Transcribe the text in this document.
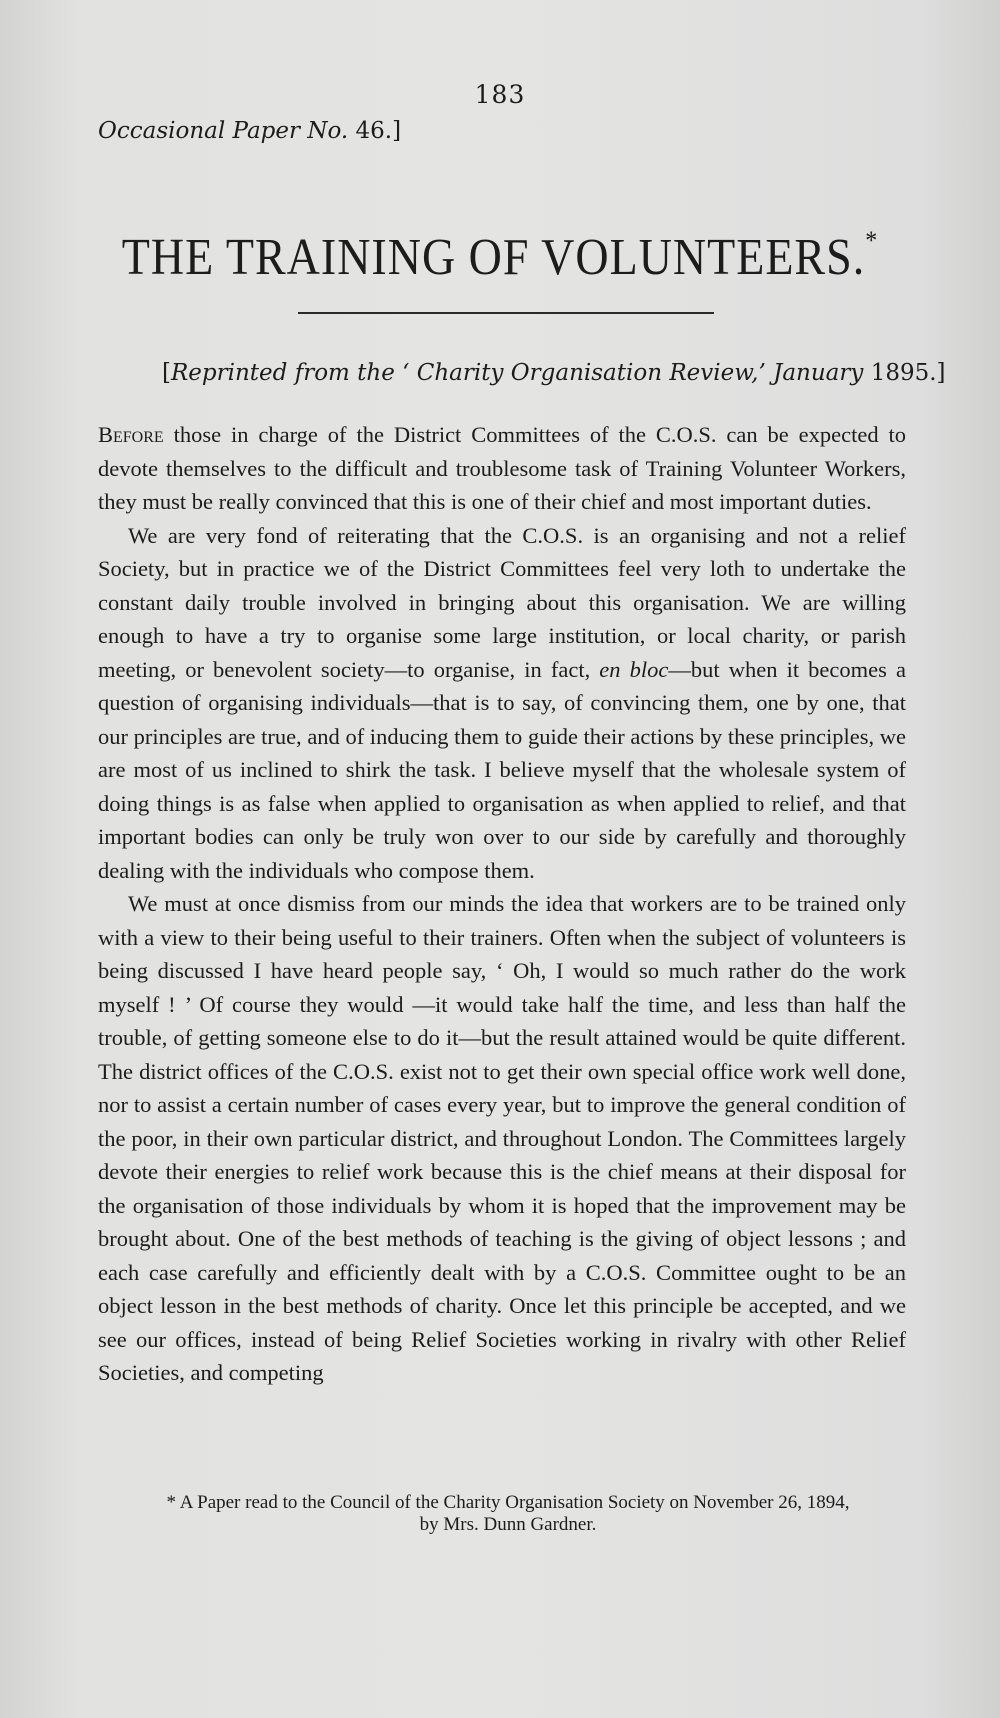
183
Occasional Paper No. 46.]
THE TRAINING OF VOLUNTEERS.*
[Reprinted from the ‘ Charity Organisation Review,’ January 1895.]

Before those in charge of the District Committees of the C.O.S. can be expected to devote themselves to the difficult and troublesome task of Training Volunteer Workers, they must be really convinced that this is one of their chief and most important duties.

We are very fond of reiterating that the C.O.S. is an organising and not a relief Society, but in practice we of the District Committees feel very loth to undertake the constant daily trouble involved in bringing about this organisation. We are willing enough to have a try to organise some large institution, or local charity, or parish meeting, or benevolent society—to organise, in fact, en bloc—but when it becomes a question of organising individuals—that is to say, of convincing them, one by one, that our principles are true, and of inducing them to guide their actions by these principles, we are most of us inclined to shirk the task. I believe myself that the wholesale system of doing things is as false when applied to organisation as when applied to relief, and that important bodies can only be truly won over to our side by carefully and thoroughly dealing with the individuals who compose them.

We must at once dismiss from our minds the idea that workers are to be trained only with a view to their being useful to their trainers. Often when the subject of volunteers is being discussed I have heard people say, ‘ Oh, I would so much rather do the work myself ! ’ Of course they would —it would take half the time, and less than half the trouble, of getting someone else to do it—but the result attained would be quite different. The district offices of the C.O.S. exist not to get their own special office work well done, nor to assist a certain number of cases every year, but to improve the general condition of the poor, in their own particular district, and throughout London. The Committees largely devote their energies to relief work because this is the chief means at their disposal for the organisation of those individuals by whom it is hoped that the improvement may be brought about. One of the best methods of teaching is the giving of object lessons ; and each case carefully and efficiently dealt with by a C.O.S. Committee ought to be an object lesson in the best methods of charity. Once let this principle be accepted, and we see our offices, instead of being Relief Societies working in rivalry with other Relief Societies, and competing

* A Paper read to the Council of the Charity Organisation Society on November 26, 1894,
by Mrs. Dunn Gardner.
